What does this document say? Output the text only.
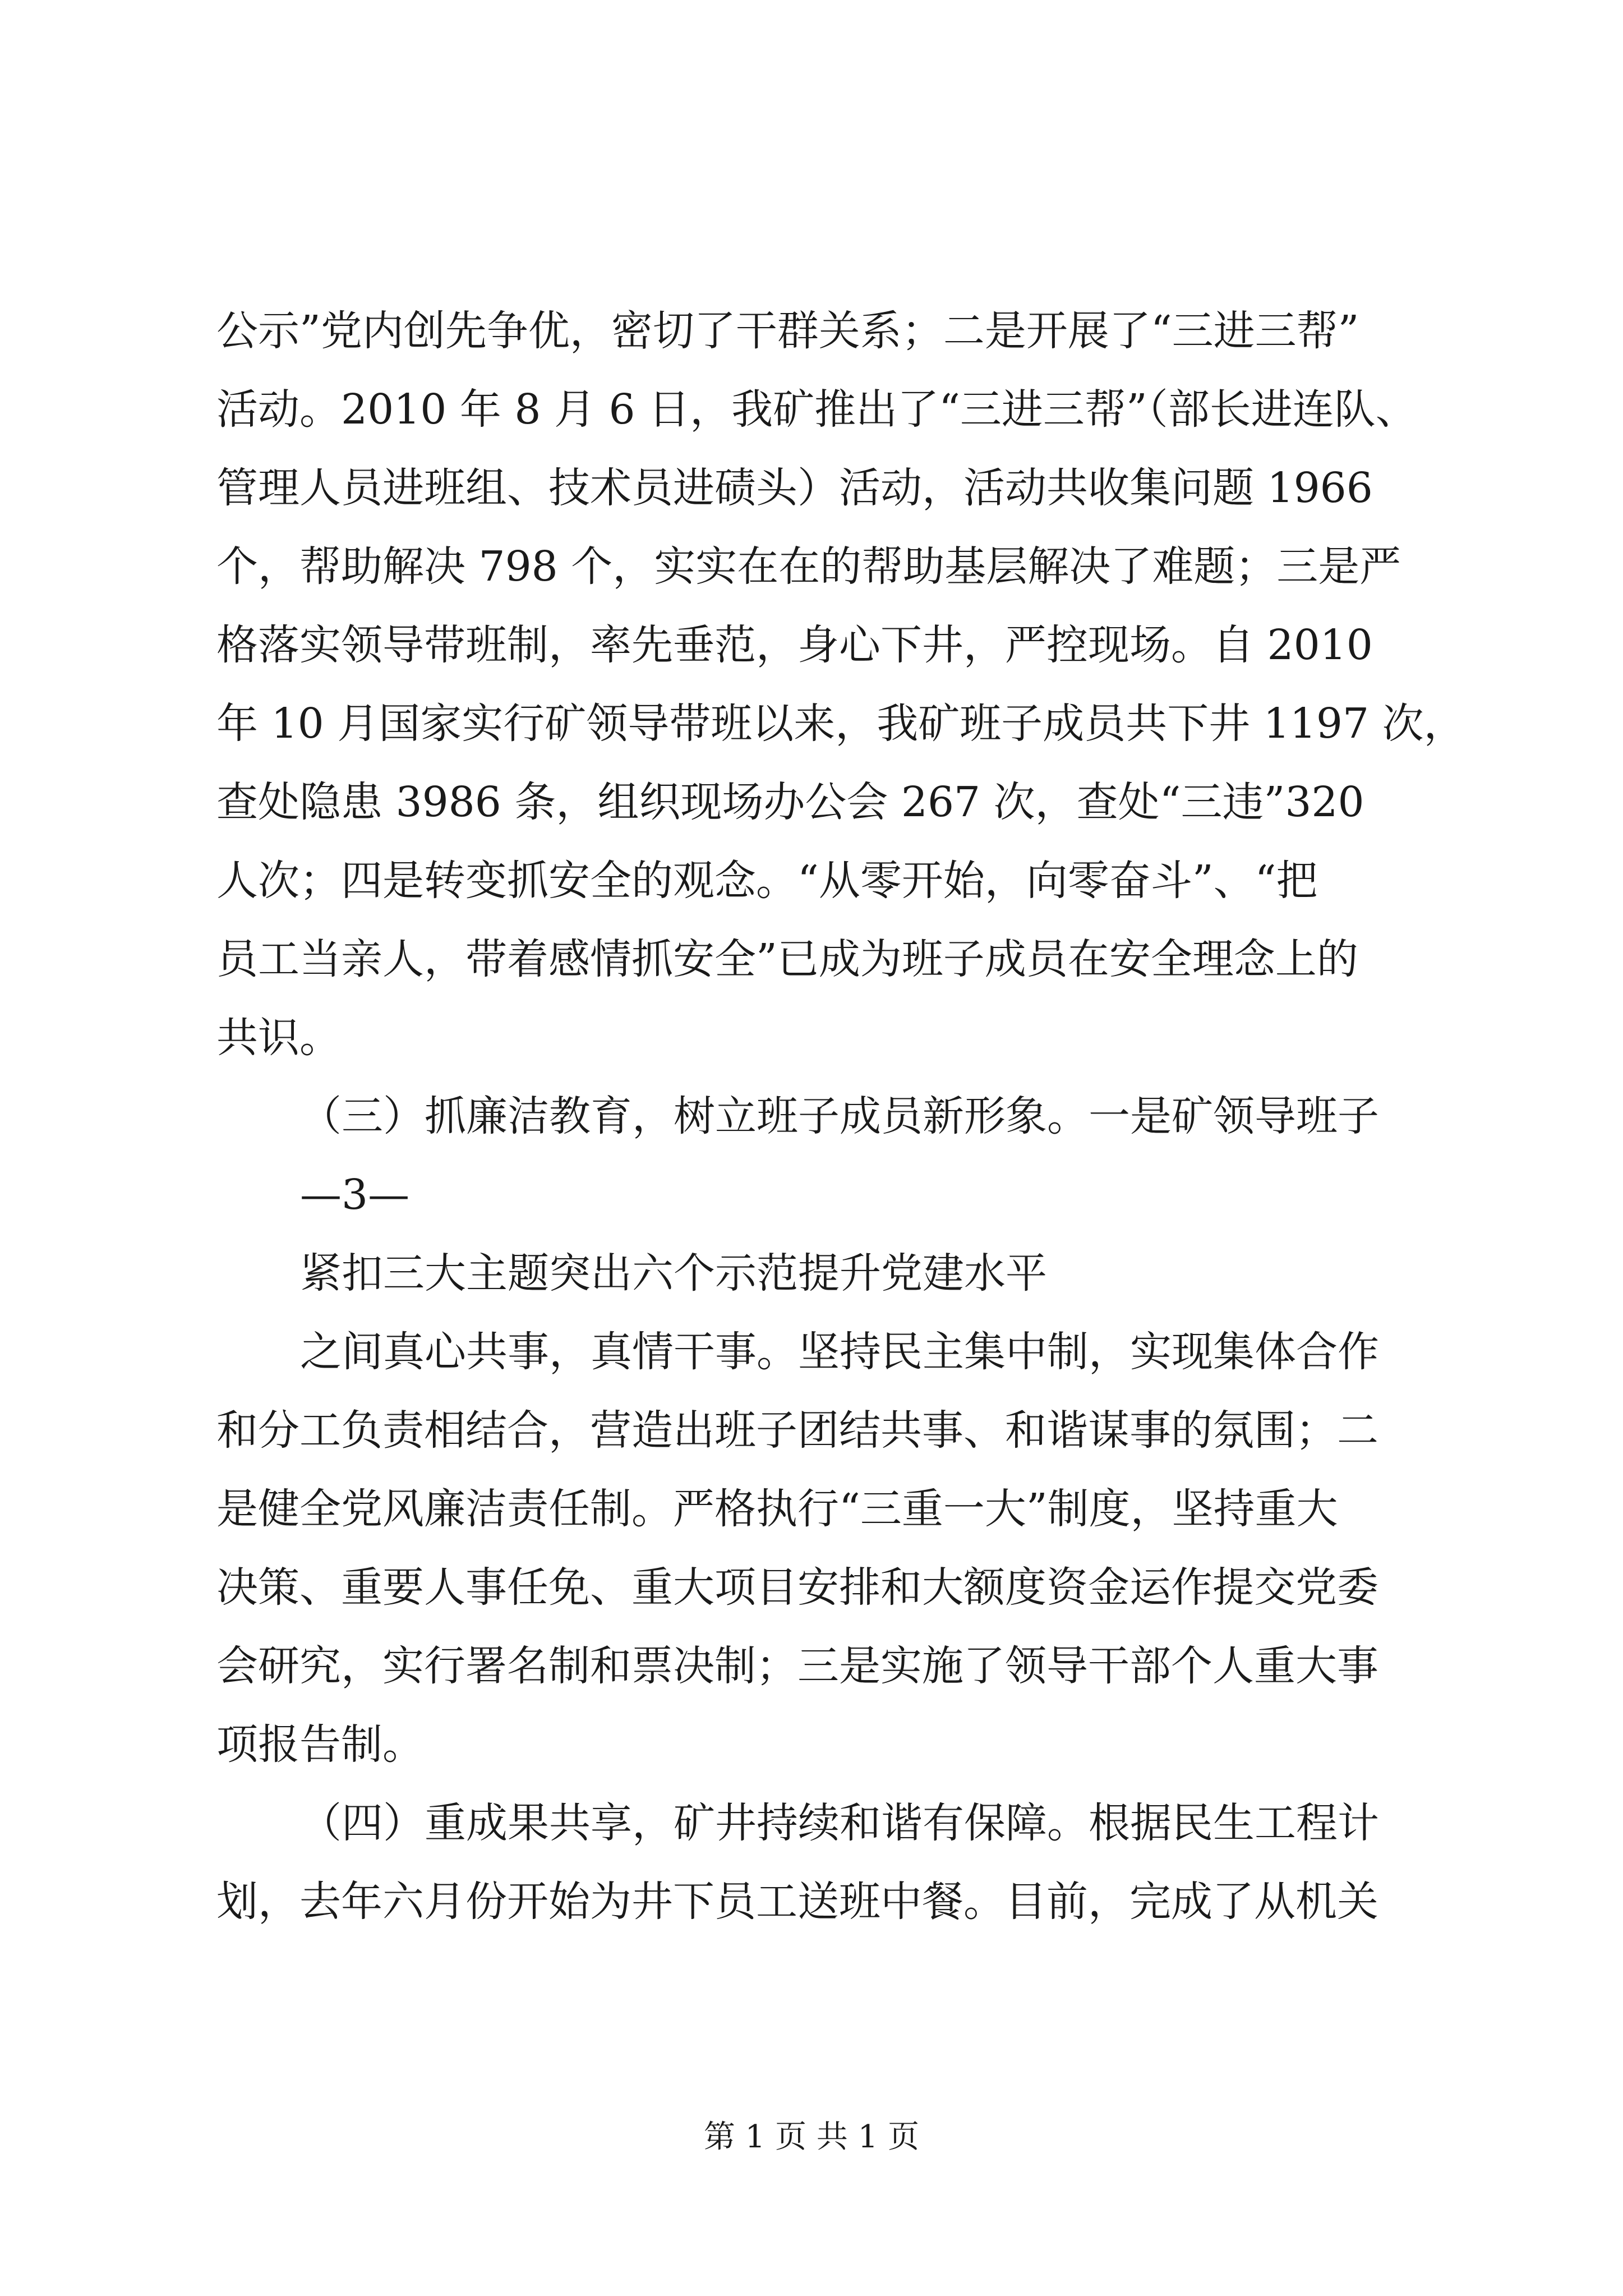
公示”党内创先争优，密切了干群关系；二是开展了“三进三帮”
活动。2010 年 8 月 6 日，我矿推出了“三进三帮”（部长进连队、
管理人员进班组、技术员进碛头）活动，活动共收集问题 1966
个，帮助解决 798 个，实实在在的帮助基层解决了难题；三是严
格落实领导带班制，率先垂范，身心下井，严控现场。自 2010
年 10 月国家实行矿领导带班以来，我矿班子成员共下井 1197 次，
查处隐患 3986 条，组织现场办公会 267 次，查处“三违”320
人次；四是转变抓安全的观念。“从零开始，向零奋斗”、“把
员工当亲人，带着感情抓安全”已成为班子成员在安全理念上的
共识。
（三）抓廉洁教育，树立班子成员新形象。一是矿领导班子
—3—
紧扣三大主题突出六个示范提升党建水平
之间真心共事，真情干事。坚持民主集中制，实现集体合作
和分工负责相结合，营造出班子团结共事、和谐谋事的氛围；二
是健全党风廉洁责任制。严格执行“三重一大”制度，坚持重大
决策、重要人事任免、重大项目安排和大额度资金运作提交党委
会研究，实行署名制和票决制；三是实施了领导干部个人重大事
项报告制。
（四）重成果共享，矿井持续和谐有保障。根据民生工程计
划，去年六月份开始为井下员工送班中餐。目前，完成了从机关
第 1 页 共 1 页
